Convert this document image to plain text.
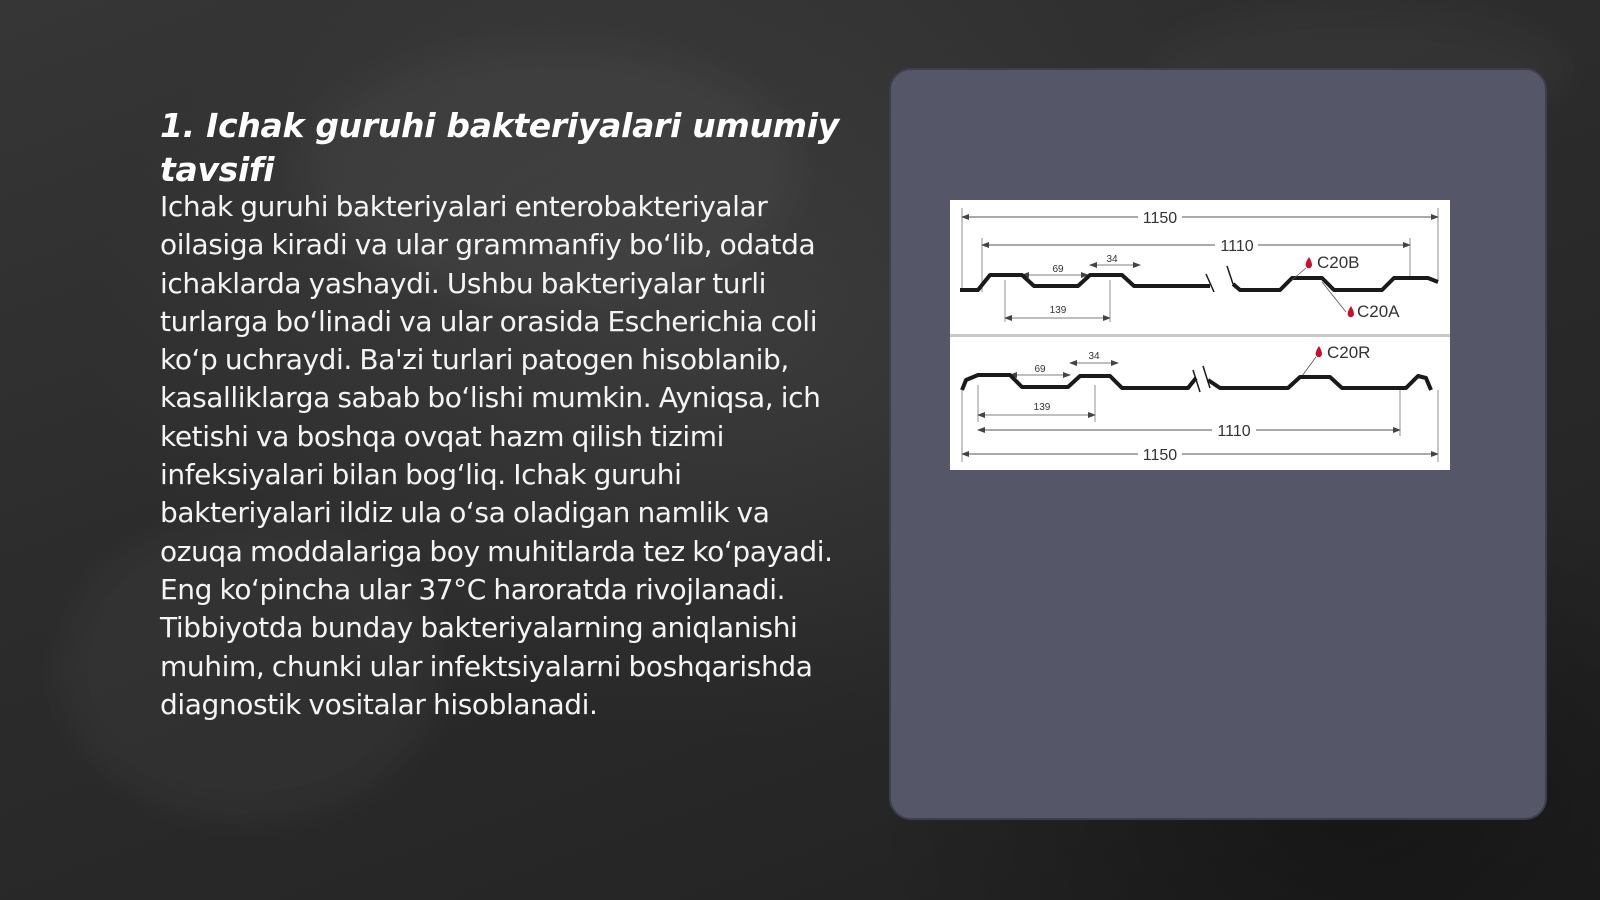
1. Ichak guruhi bakteriyalari umumiy tavsifi

Ichak guruhi bakteriyalari enterobakteriyalar oilasiga kiradi va ular grammanfiy bo‘lib, odatda ichaklarda yashaydi. Ushbu bakteriyalar turli turlarga bo‘linadi va ular orasida Escherichia coli ko‘p uchraydi. Ba'zi turlari patogen hisoblanib, kasalliklarga sabab bo‘lishi mumkin. Ayniqsa, ich ketishi va boshqa ovqat hazm qilish tizimi infeksiyalari bilan bog‘liq. Ichak guruhi bakteriyalari ildiz ula o‘sa oladigan namlik va ozuqa moddalariga boy muhitlarda tez ko‘payadi. Eng ko‘pincha ular 37°C haroratda rivojlanadi. Tibbiyotda bunday bakteriyalarning aniqlanishi muhim, chunki ular infektsiyalarni boshqarishda diagnostik vositalar hisoblanadi.

1150
1110
69
34
139
C20B
C20A
C20R
69
34
139
1110
1150
